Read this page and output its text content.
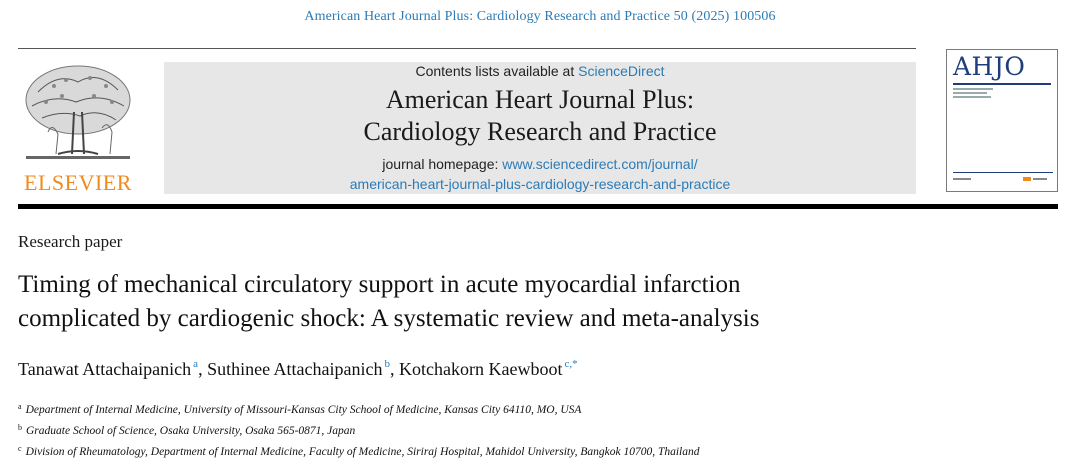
American Heart Journal Plus: Cardiology Research and Practice 50 (2025) 100506
ELSEVIER
Contents lists available at ScienceDirect
American Heart Journal Plus:
Cardiology Research and Practice
journal homepage: www.sciencedirect.com/journal/
american-heart-journal-plus-cardiology-research-and-practice
AHJO
Research paper
Timing of mechanical circulatory support in acute myocardial infarction
complicated by cardiogenic shock: A systematic review and meta-analysis
Tanawat Attachaipanich $^a$, Suthinee Attachaipanich $^b$, Kotchakorn Kaewboot $^{c,*}$
$^a$ Department of Internal Medicine, University of Missouri-Kansas City School of Medicine, Kansas City 64110, MO, USA
$^b$ Graduate School of Science, Osaka University, Osaka 565-0871, Japan
$^c$ Division of Rheumatology, Department of Internal Medicine, Faculty of Medicine, Siriraj Hospital, Mahidol University, Bangkok 10700, Thailand
